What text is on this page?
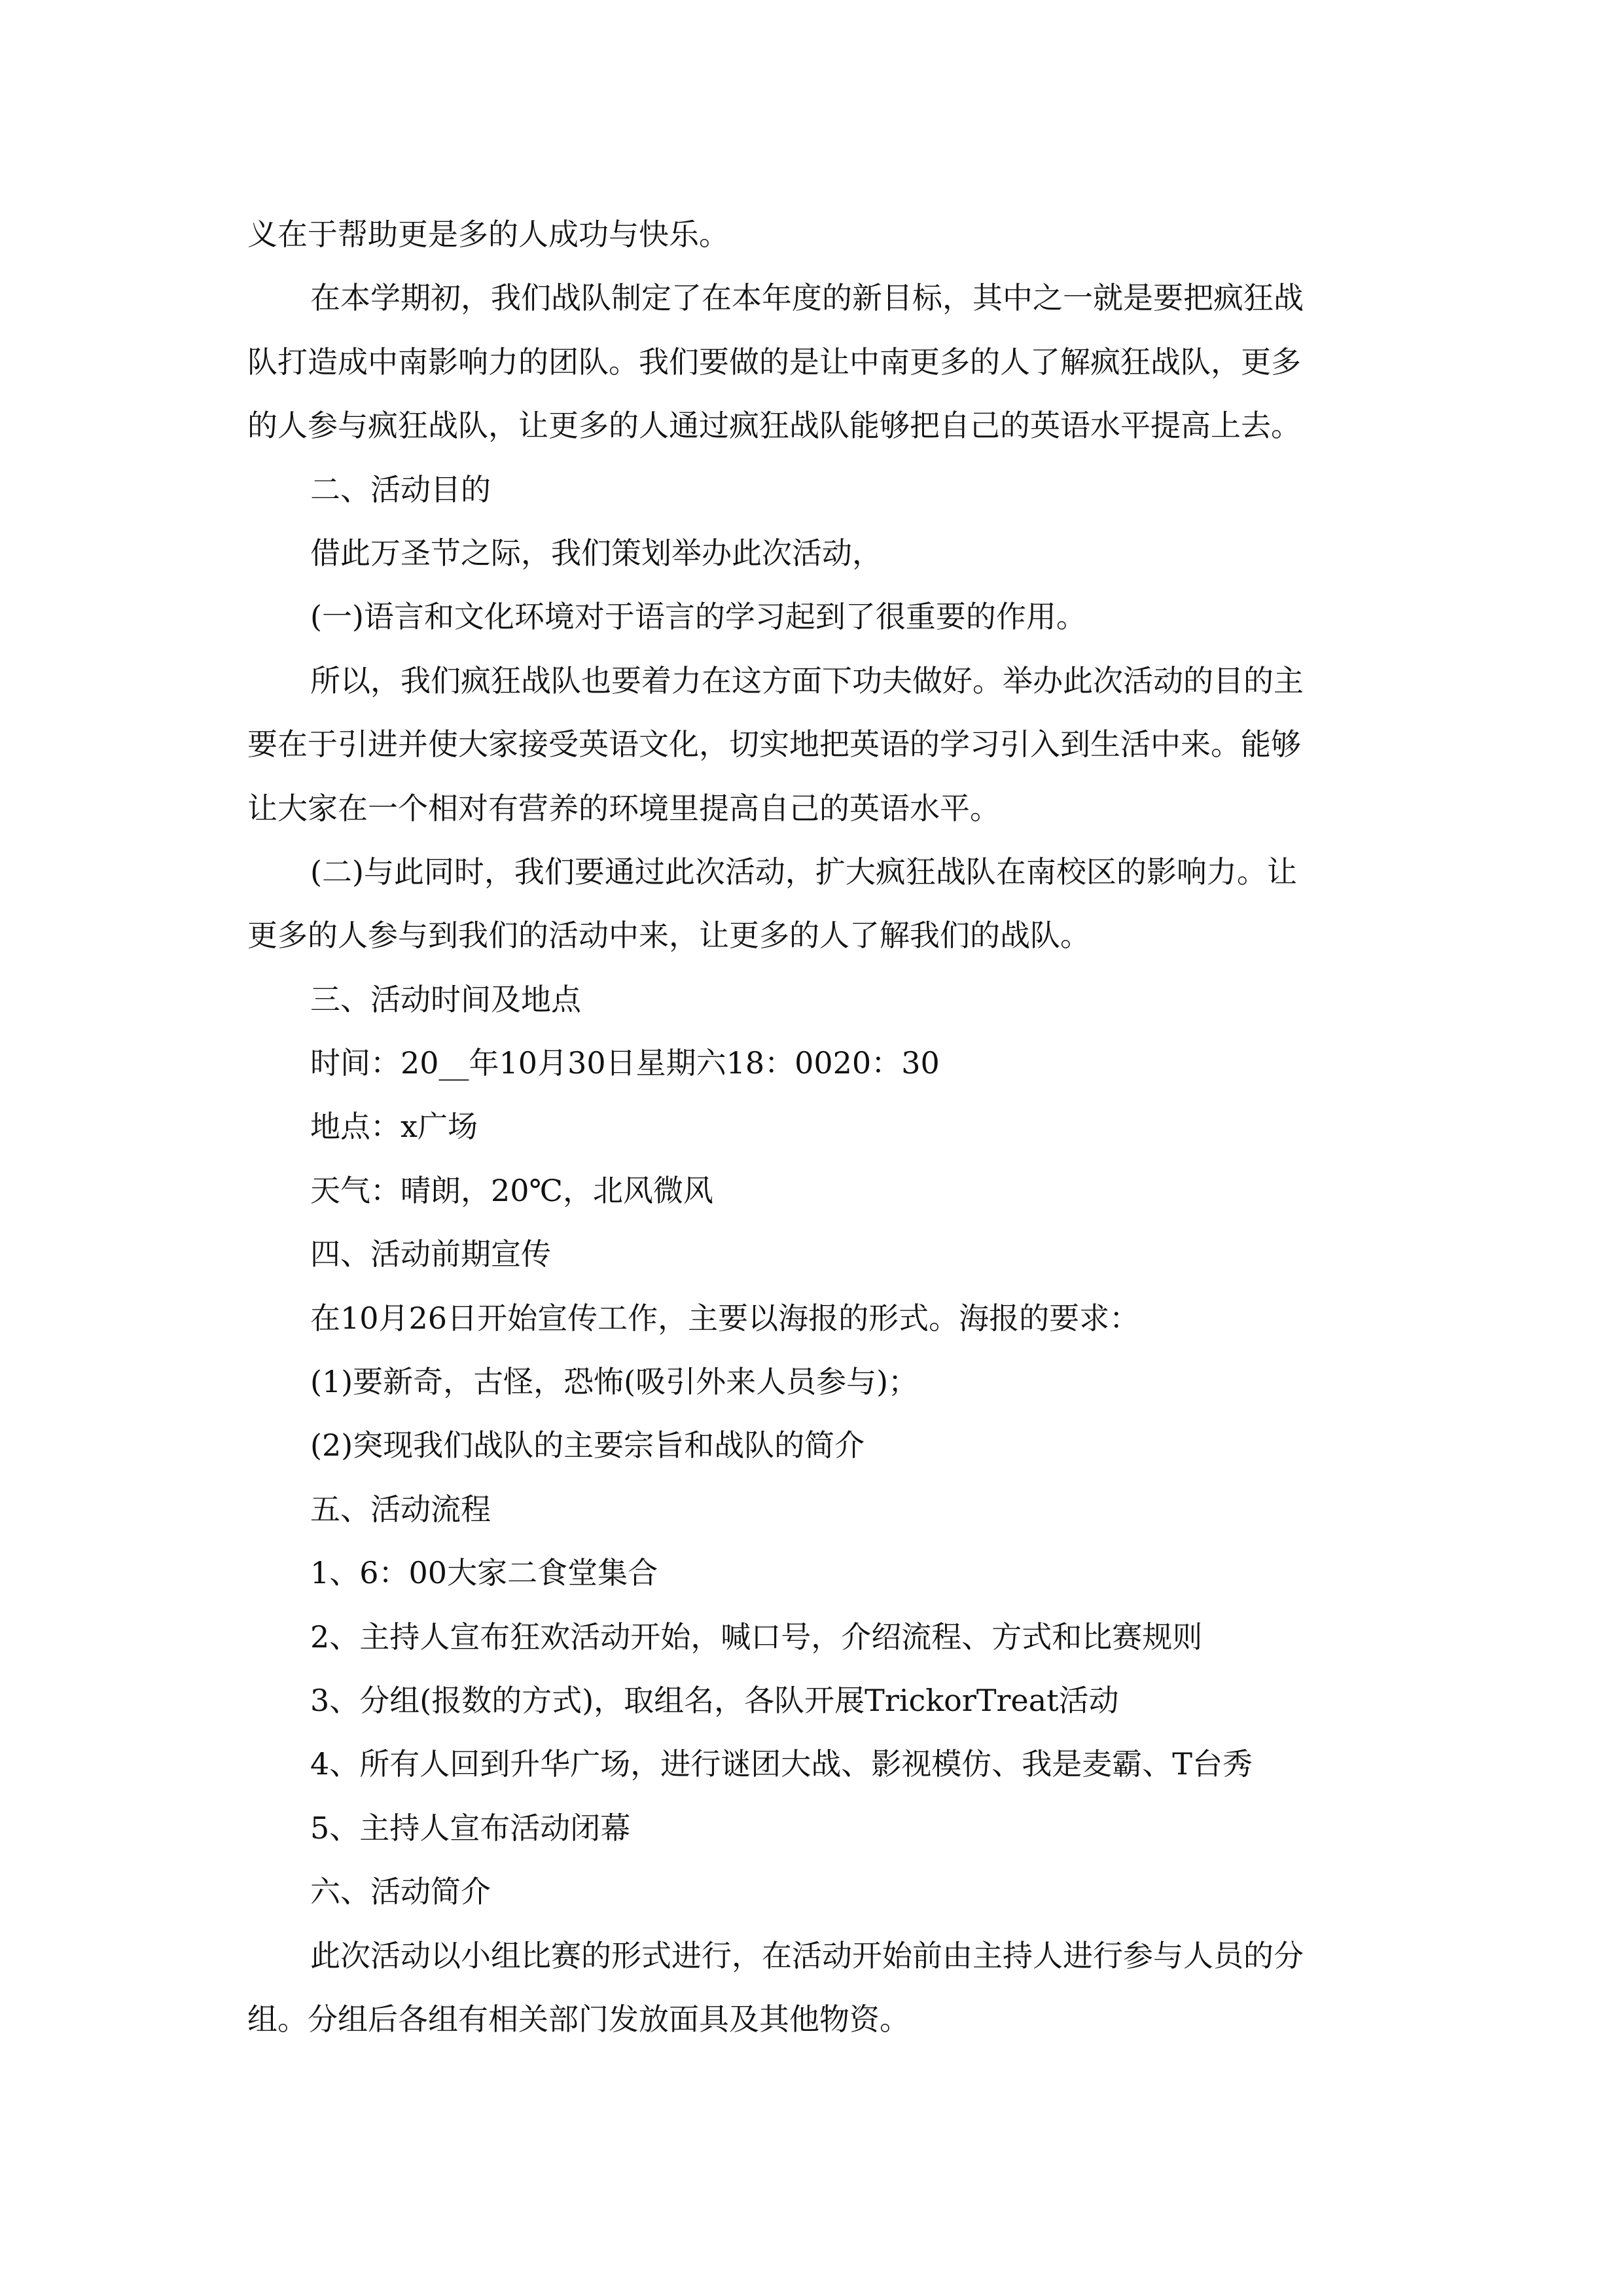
义在于帮助更是多的人成功与快乐。
在本学期初，我们战队制定了在本年度的新目标，其中之一就是要把疯狂战
队打造成中南影响力的团队。我们要做的是让中南更多的人了解疯狂战队，更多
的人参与疯狂战队，让更多的人通过疯狂战队能够把自己的英语水平提高上去。
二、活动目的
借此万圣节之际，我们策划举办此次活动，
(一)语言和文化环境对于语言的学习起到了很重要的作用。
所以，我们疯狂战队也要着力在这方面下功夫做好。举办此次活动的目的主
要在于引进并使大家接受英语文化，切实地把英语的学习引入到生活中来。能够
让大家在一个相对有营养的环境里提高自己的英语水平。
(二)与此同时，我们要通过此次活动，扩大疯狂战队在南校区的影响力。让
更多的人参与到我们的活动中来，让更多的人了解我们的战队。
三、活动时间及地点
时间：20__年10月30日星期六18：0020：30
地点：x广场
天气：晴朗，20℃，北风微风
四、活动前期宣传
在10月26日开始宣传工作，主要以海报的形式。海报的要求：
(1)要新奇，古怪，恐怖(吸引外来人员参与)；
(2)突现我们战队的主要宗旨和战队的简介
五、活动流程
1、6：00大家二食堂集合
2、主持人宣布狂欢活动开始，喊口号，介绍流程、方式和比赛规则
3、分组(报数的方式)，取组名，各队开展TrickorTreat活动
4、所有人回到升华广场，进行谜团大战、影视模仿、我是麦霸、T台秀
5、主持人宣布活动闭幕
六、活动简介
此次活动以小组比赛的形式进行，在活动开始前由主持人进行参与人员的分
组。分组后各组有相关部门发放面具及其他物资。
